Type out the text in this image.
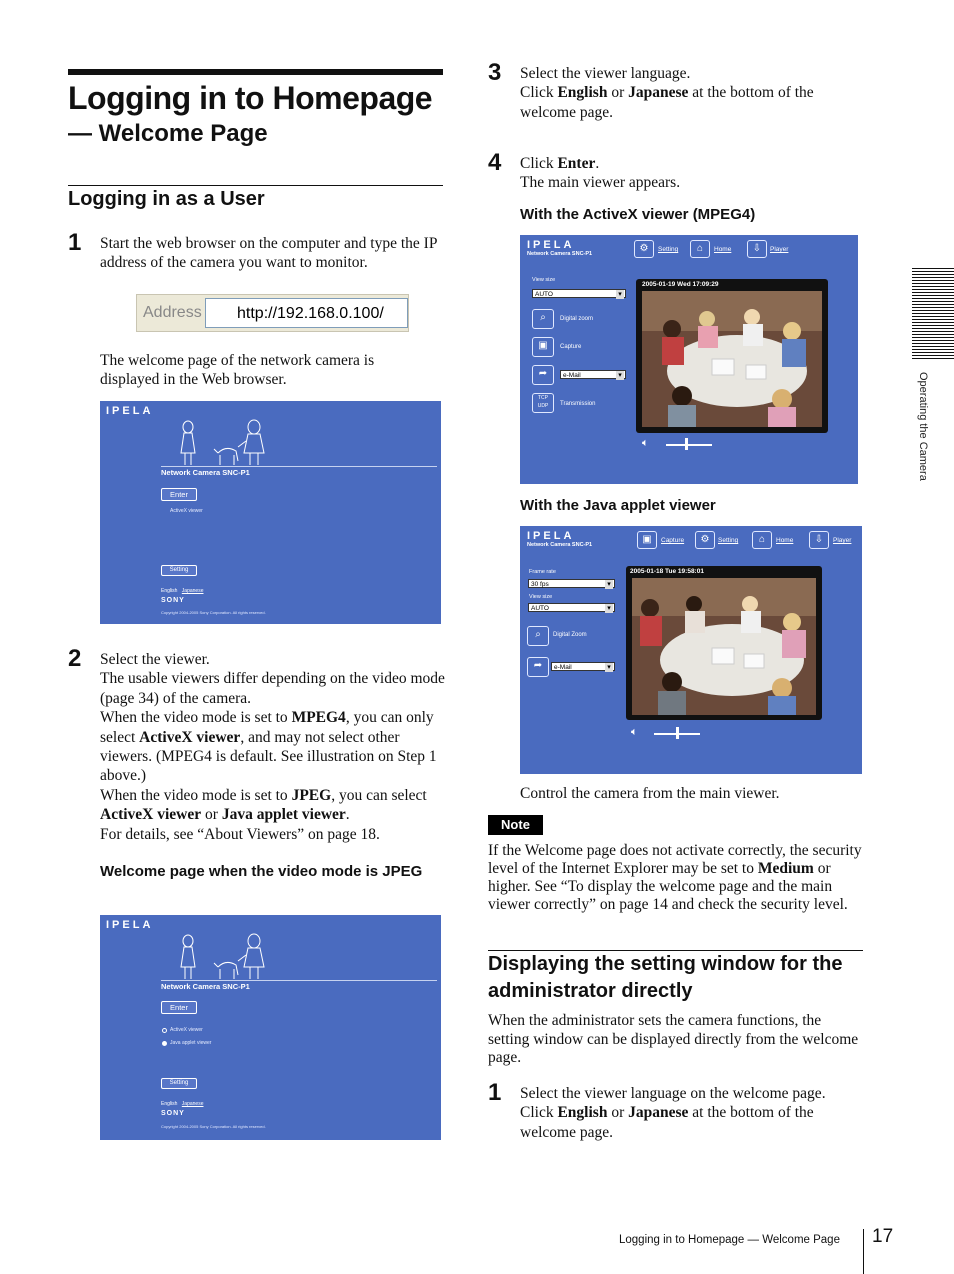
Logging in to Homepage
— Welcome Page
Logging in as a User
1 Start the web browser on the computer and type the IP address of the camera you want to monitor.
Address	http://192.168.0.100/
The welcome page of the network camera is displayed in the Web browser.
IPELA
Network Camera SNC-P1
Enter
ActiveX viewer
Setting
English Japanese
SONY
Copyright 2004-2005 Sony Corporation. All rights reserved.
2 Select the viewer.

The usable viewers differ depending on the video mode (page 34) of the camera.

When the video mode is set to MPEG4, you can only select ActiveX viewer, and may not select other viewers. (MPEG4 is default. See illustration on Step 1 above.)

When the video mode is set to JPEG, you can select ActiveX viewer or Java applet viewer.

For details, see “About Viewers” on page 18.

Welcome page when the video mode is JPEG
IPELA
Network Camera SNC-P1
Enter
ActiveX viewer
Java applet viewer
Setting
English Japanese
SONY
Copyright 2004-2005 Sony Corporation. All rights reserved.
3 Select the viewer language.

Click English or Japanese at the bottom of the welcome page.

4 Click Enter.

The main viewer appears.

With the ActiveX viewer (MPEG4)
IPELA
Network Camera SNC-P1	⚙	Setting	⌂	Home	⇩	Player
View size
AUTO ▾
⌕	Digital zoom
▣	Capture
➦	e-Mail ▾
TCP UDP	Transmission
2005-01-19 Wed 17:09:29
🔈︎
With the Java applet viewer
IPELA
Network Camera SNC-P1	▣	Capture	⚙	Setting	⌂	Home	⇩	Player
Frame rate
30 fps ▾
View size
AUTO ▾
⌕	Digital Zoom
➦	e-Mail ▾
2005-01-18 Tue 19:58:01
🔈︎
Control the camera from the main viewer.
Note
If the Welcome page does not activate correctly, the security level of the Internet Explorer may be set to Medium or higher. See “To display the welcome page and the main viewer correctly” on page 14 and check the security level.
Displaying the setting window for the administrator directly
When the administrator sets the camera functions, the setting window can be displayed directly from the welcome page.
1 Select the viewer language on the welcome page.

Click English or Japanese at the bottom of the welcome page.

Operating the Camera
Logging in to Homepage — Welcome Page 17
